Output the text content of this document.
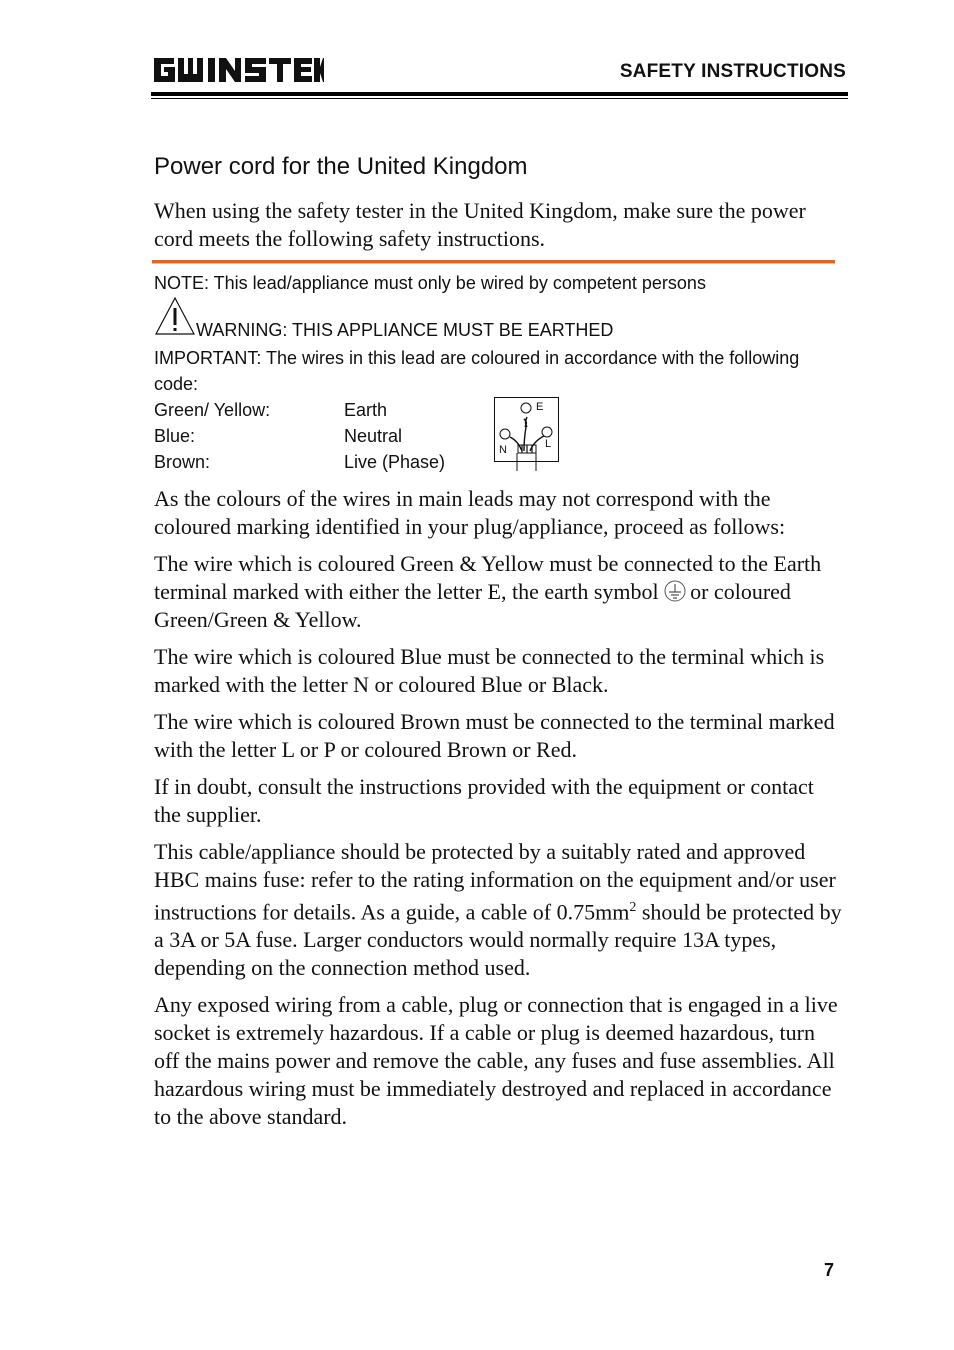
SAFETY INSTRUCTIONS
Power cord for the United Kingdom
When using the safety tester in the United Kingdom, make sure the power cord meets the following safety instructions.
NOTE: This lead/appliance must only be wired by competent persons
WARNING: THIS APPLIANCE MUST BE EARTHED
IMPORTANT: The wires in this lead are coloured in accordance with the following code:
Green/ Yellow:	Earth
Blue:	Neutral
Brown:	Live (Phase)
E
N	L

As the colours of the wires in main leads may not correspond with the coloured marking identified in your plug/appliance, proceed as follows:

The wire which is coloured Green & Yellow must be connected to the Earth terminal marked with either the letter E, the earth symbol or coloured Green/Green & Yellow.

The wire which is coloured Blue must be connected to the terminal which is marked with the letter N or coloured Blue or Black.

The wire which is coloured Brown must be connected to the terminal marked with the letter L or P or coloured Brown or Red.

If in doubt, consult the instructions provided with the equipment or contact the supplier.

This cable/appliance should be protected by a suitably rated and approved HBC mains fuse: refer to the rating information on the equipment and/or user instructions for details. As a guide, a cable of $0.75mm^2$ should be protected by a 3A or 5A fuse. Larger conductors would normally require 13A types, depending on the connection method used.

Any exposed wiring from a cable, plug or connection that is engaged in a live socket is extremely hazardous. If a cable or plug is deemed hazardous, turn off the mains power and remove the cable, any fuses and fuse assemblies. All hazardous wiring must be immediately destroyed and replaced in accordance to the above standard.

7
